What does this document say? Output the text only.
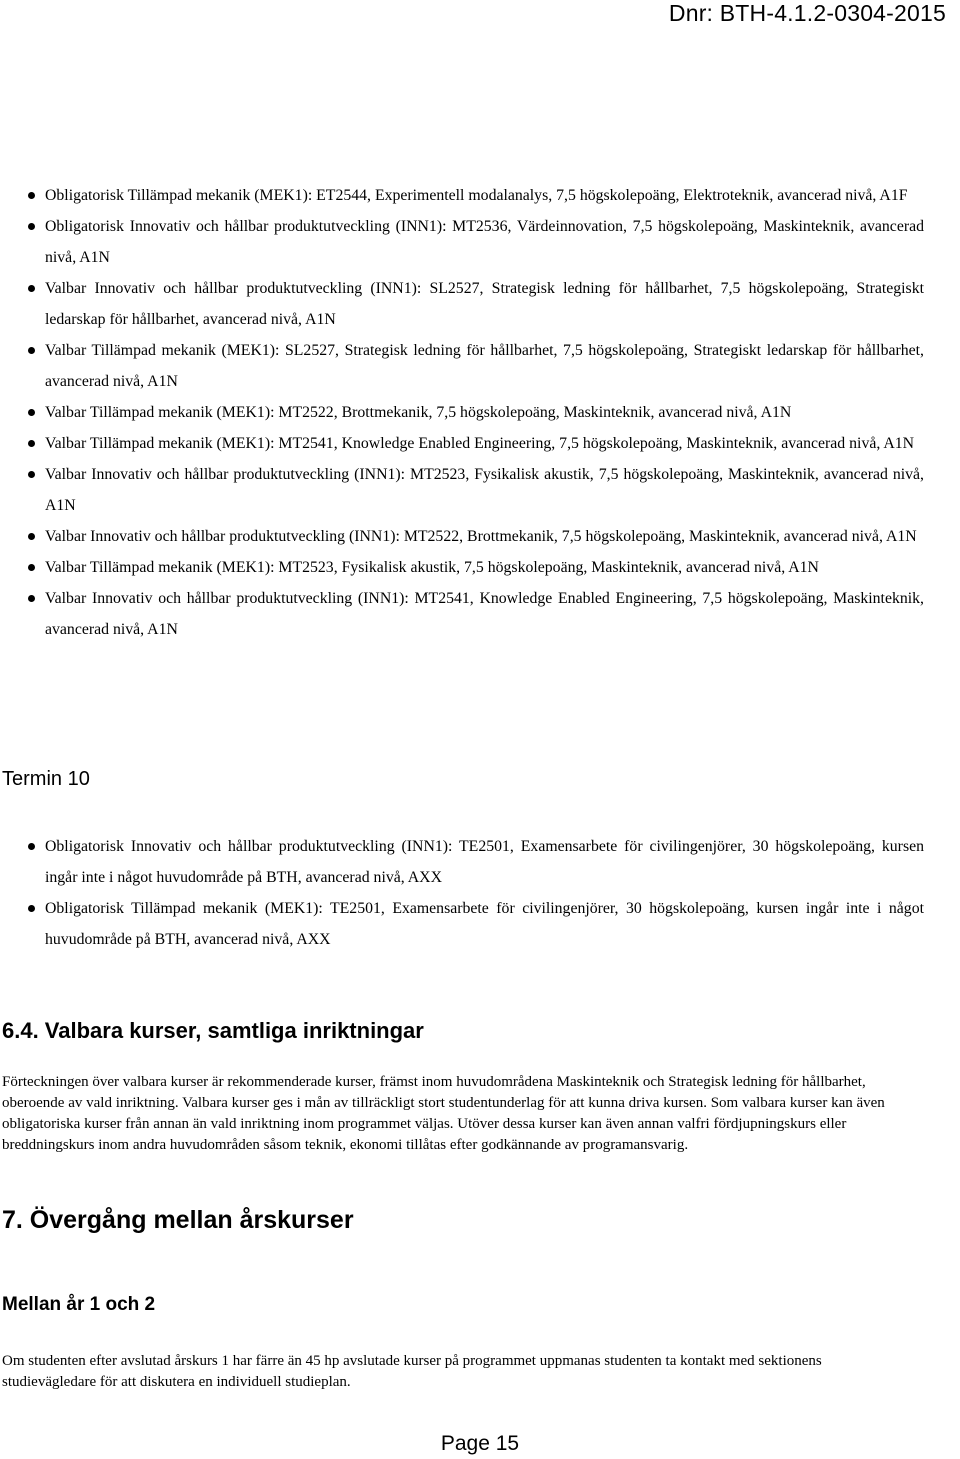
Dnr: BTH-4.1.2-0304-2015
Obligatorisk Tillämpad mekanik (MEK1): ET2544, Experimentell modalanalys, 7,5 högskolepoäng, Elektroteknik, avancerad nivå, A1F
Obligatorisk Innovativ och hållbar produktutveckling (INN1): MT2536, Värdeinnovation, 7,5 högskolepoäng, Maskinteknik, avancerad nivå, A1N
Valbar Innovativ och hållbar produktutveckling (INN1): SL2527, Strategisk ledning för hållbarhet, 7,5 högskolepoäng, Strategiskt ledarskap för hållbarhet, avancerad nivå, A1N
Valbar Tillämpad mekanik (MEK1): SL2527, Strategisk ledning för hållbarhet, 7,5 högskolepoäng, Strategiskt ledarskap för hållbarhet, avancerad nivå, A1N
Valbar Tillämpad mekanik (MEK1): MT2522, Brottmekanik, 7,5 högskolepoäng, Maskinteknik, avancerad nivå, A1N
Valbar Tillämpad mekanik (MEK1): MT2541, Knowledge Enabled Engineering, 7,5 högskolepoäng, Maskinteknik, avancerad nivå, A1N
Valbar Innovativ och hållbar produktutveckling (INN1): MT2523, Fysikalisk akustik, 7,5 högskolepoäng, Maskinteknik, avancerad nivå, A1N
Valbar Innovativ och hållbar produktutveckling (INN1): MT2522, Brottmekanik, 7,5 högskolepoäng, Maskinteknik, avancerad nivå, A1N
Valbar Tillämpad mekanik (MEK1): MT2523, Fysikalisk akustik, 7,5 högskolepoäng, Maskinteknik, avancerad nivå, A1N
Valbar Innovativ och hållbar produktutveckling (INN1): MT2541, Knowledge Enabled Engineering, 7,5 högskolepoäng, Maskinteknik, avancerad nivå, A1N
Termin 10
Obligatorisk Innovativ och hållbar produktutveckling (INN1): TE2501, Examensarbete för civilingenjörer, 30 högskolepoäng, kursen ingår inte i något huvudområde på BTH, avancerad nivå, AXX
Obligatorisk Tillämpad mekanik (MEK1): TE2501, Examensarbete för civilingenjörer, 30 högskolepoäng, kursen ingår inte i något huvudområde på BTH, avancerad nivå, AXX
6.4. Valbara kurser, samtliga inriktningar

Förteckningen över valbara kurser är rekommenderade kurser, främst inom huvudområdena Maskinteknik och Strategisk ledning för hållbarhet, oberoende av vald inriktning. Valbara kurser ges i mån av tillräckligt stort studentunderlag för att kunna driva kursen. Som valbara kurser kan även obligatoriska kurser från annan än vald inriktning inom programmet väljas. Utöver dessa kurser kan även annan valfri fördjupningskurs eller breddningskurs inom andra huvudområden såsom teknik, ekonomi tillåtas efter godkännande av programansvarig.

7. Övergång mellan årskurser
Mellan år 1 och 2

Om studenten efter avslutad årskurs 1 har färre än 45 hp avslutade kurser på programmet uppmanas studenten ta kontakt med sektionens studievägledare för att diskutera en individuell studieplan.

Page 15
